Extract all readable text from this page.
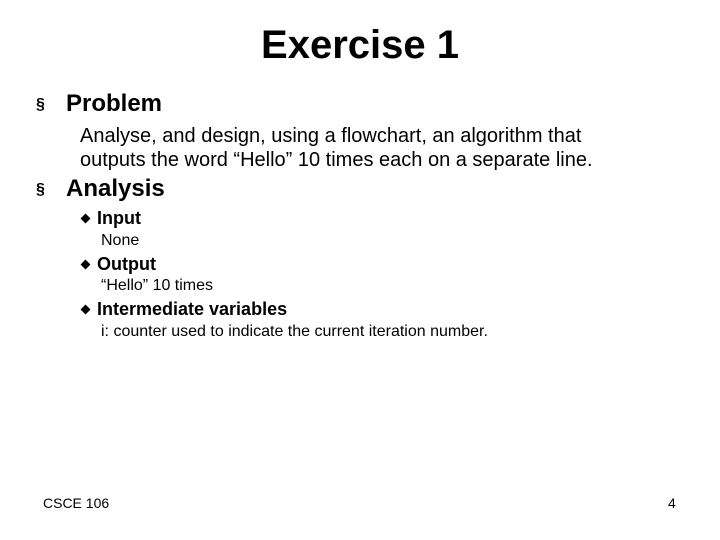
Exercise 1
§ Problem
Analyse, and design, using a flowchart, an algorithm that
outputs the word “Hello” 10 times each on a separate line.
§ Analysis
Input
None
Output
“Hello” 10 times
Intermediate variables
i: counter used to indicate the current iteration number.
CSCE 106	4
